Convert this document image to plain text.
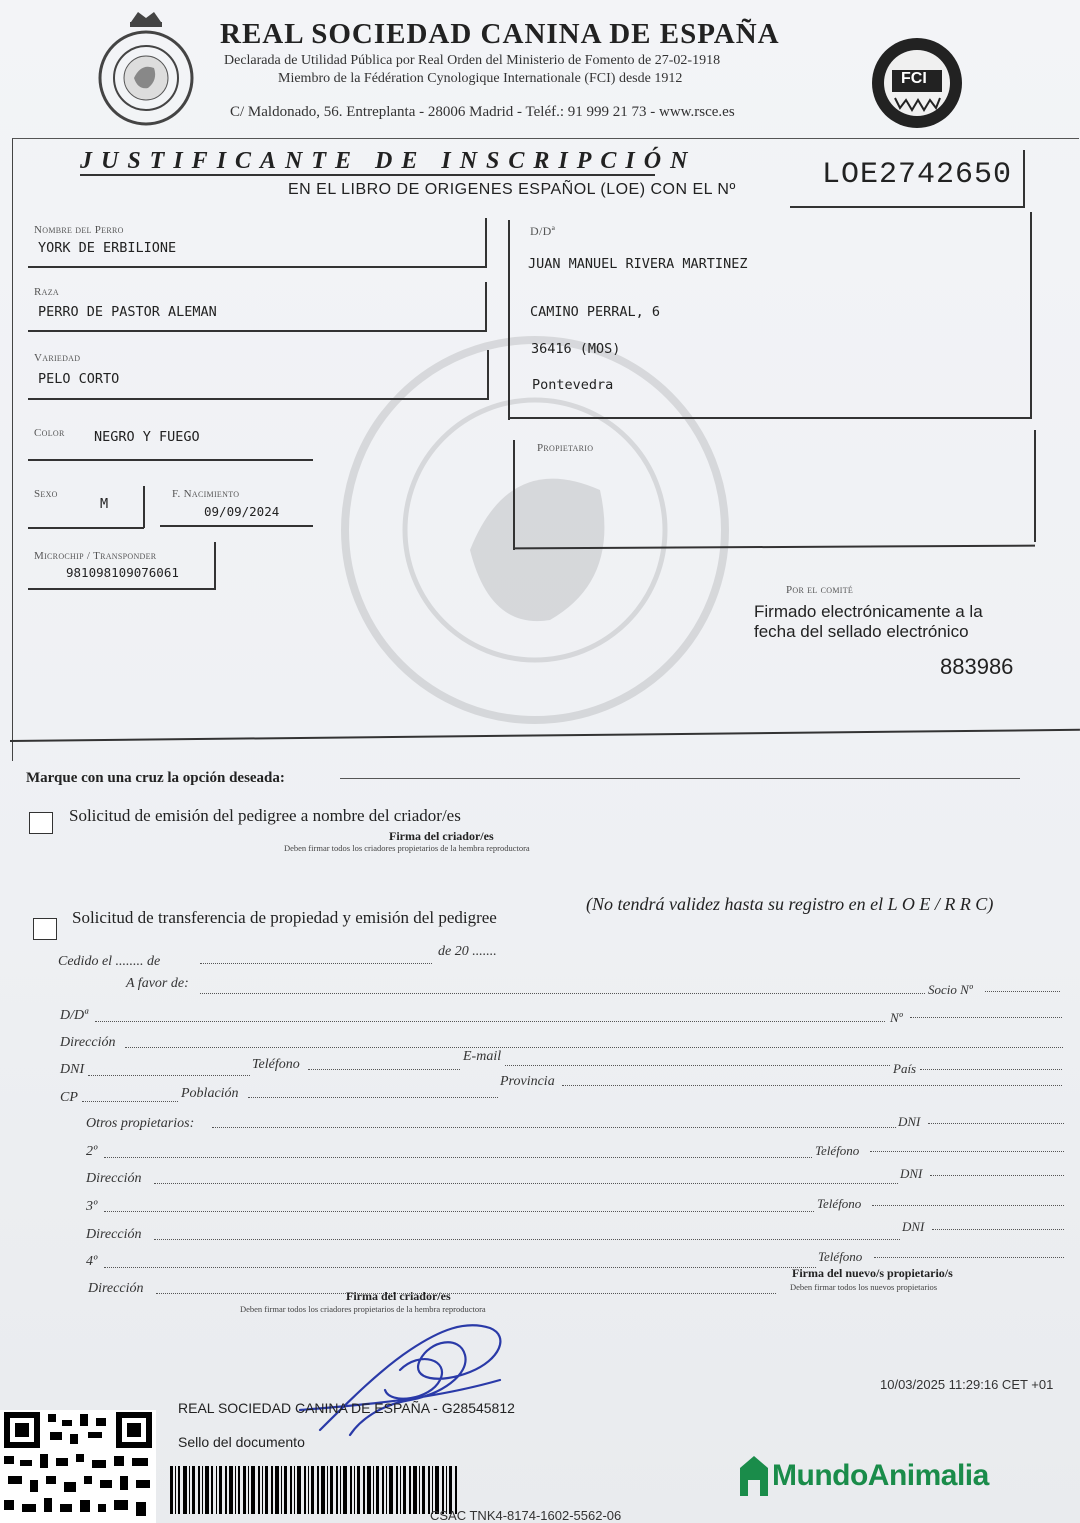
REAL SOCIEDAD CANINA DE ESPAÑA
Declarada de Utilidad Pública por Real Orden del Ministerio de Fomento de 27-02-1918
Miembro de la Fédération Cynologique Internationale (FCI) desde 1912
C/ Maldonado, 56. Entreplanta - 28006 Madrid - Teléf.: 91 999 21 73 - www.rsce.es
FCI
JUSTIFICANTE DE INSCRIPCIÓN
EN EL LIBRO DE ORIGENES ESPAÑOL (LOE) CON EL Nº	LOE2742650
Nombre del Perro
YORK DE ERBILIONE
Raza
PERRO DE PASTOR ALEMAN
Variedad
PELO CORTO
Color NEGRO Y FUEGO
Sexo
M
F. Nacimiento
09/09/2024
Microchip / Transponder
981098109076061
D/Dª
JUAN MANUEL RIVERA MARTINEZ
CAMINO PERRAL, 6
36416 (MOS)
Pontevedra
Propietario
Por el comité
Firmado electrónicamente a la
fecha del sellado electrónico
883986
Marque con una cruz la opción deseada:
Solicitud de emisión del pedigree a nombre del criador/es
Firma del criador/es
Deben firmar todos los criadores propietarios de la hembra reproductora
Solicitud de transferencia de propiedad y emisión del pedigree
(No tendrá validez hasta su registro en el L O E / R R C)
Cedido el ........ de
de 20 .......
A favor de:	Socio Nº
D/Dª	Nº
Dirección
DNI	Teléfono
E-mail
País
CP	Población
Provincia
Otros propietarios:	DNI
2º	Teléfono
Dirección	DNI
3º	Teléfono
Dirección
DNI
4º	Teléfono
Dirección
Firma del nuevo/s propietario/s
Deben firmar todos los nuevos propietarios
Firma del criador/es
Deben firmar todos los criadores propietarios de la hembra reproductora
10/03/2025 11:29:16 CET +01
REAL SOCIEDAD CANINA DE ESPAÑA - G28545812
Sello del documento
CSAC TNK4-8174-1602-5562-06
MundoAnimalia
